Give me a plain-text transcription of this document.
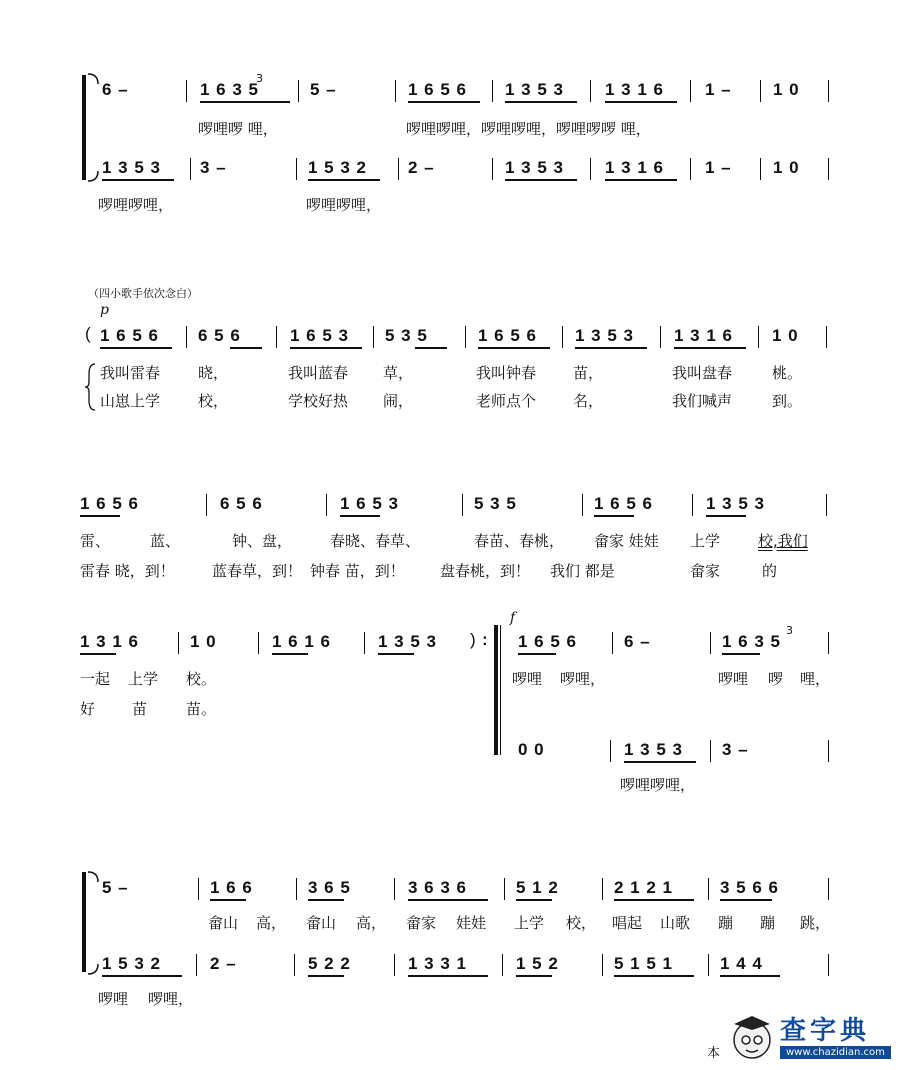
6 –	1 6 3 5
3
5 –	1 6 5 6 1 3 5 3 1 3 1 6 1 – 1 0
啰哩啰 哩，	啰哩啰哩，啰哩啰哩，啰哩啰啰 哩，
1 3 5 3 3 –	1 5 3 2 2 –	1 3 5 3 1 3 1 6 1 – 1 0
啰哩啰哩，	啰哩啰哩，
（四小歌手依次念白）
p
( 1 6 5 6 6 5 6	1 6 5 3 5 3 5	1 6 5 6 1 3 5 3 1 3 1 6 1 0
我叫雷春	晓，	我叫蓝春 草，	我叫钟春 苗，	我叫盘春	桃。
山崽上学	校，	学校好热 闹，	老师点个 名，	我们喊声	到。
1 6 5 6	6 5 6	1 6 5 3	5 3 5	1 6 5 6	1 3 5 3
雷、	蓝、	钟、盘，	春晓、春草、	春苗、春桃， 畲家 娃娃 上学	校,我们
雷春 晓，到！ 蓝春草，到！ 钟春 苗，到！ 盘春桃，到！ 我们 都是	畲家	的
1 3 1 6	1 0	1 6 1 6	1 3 5 3 ) :
一起 上学 校。
好 苗	苗。
f
1 6 5 6	6 –	1 6 3 5
3
啰哩 啰哩，	啰哩 啰 哩，
0 0	1 3 5 3 3 –
啰哩啰哩，
5 –	1 6 6	3 6 5	3 6 3 6	5 1 2	2 1 2 1	3 5 6 6
畲山 高， 畲山 高， 畲家 娃娃 上学 校， 唱起 山歌 蹦 蹦 跳，
1 5 3 2	2 –	5 2 2	1 3 3 1	1 5 2	5 1 5 1	1 4 4
啰哩 啰哩，
本
查字典
www.chazidian.com
